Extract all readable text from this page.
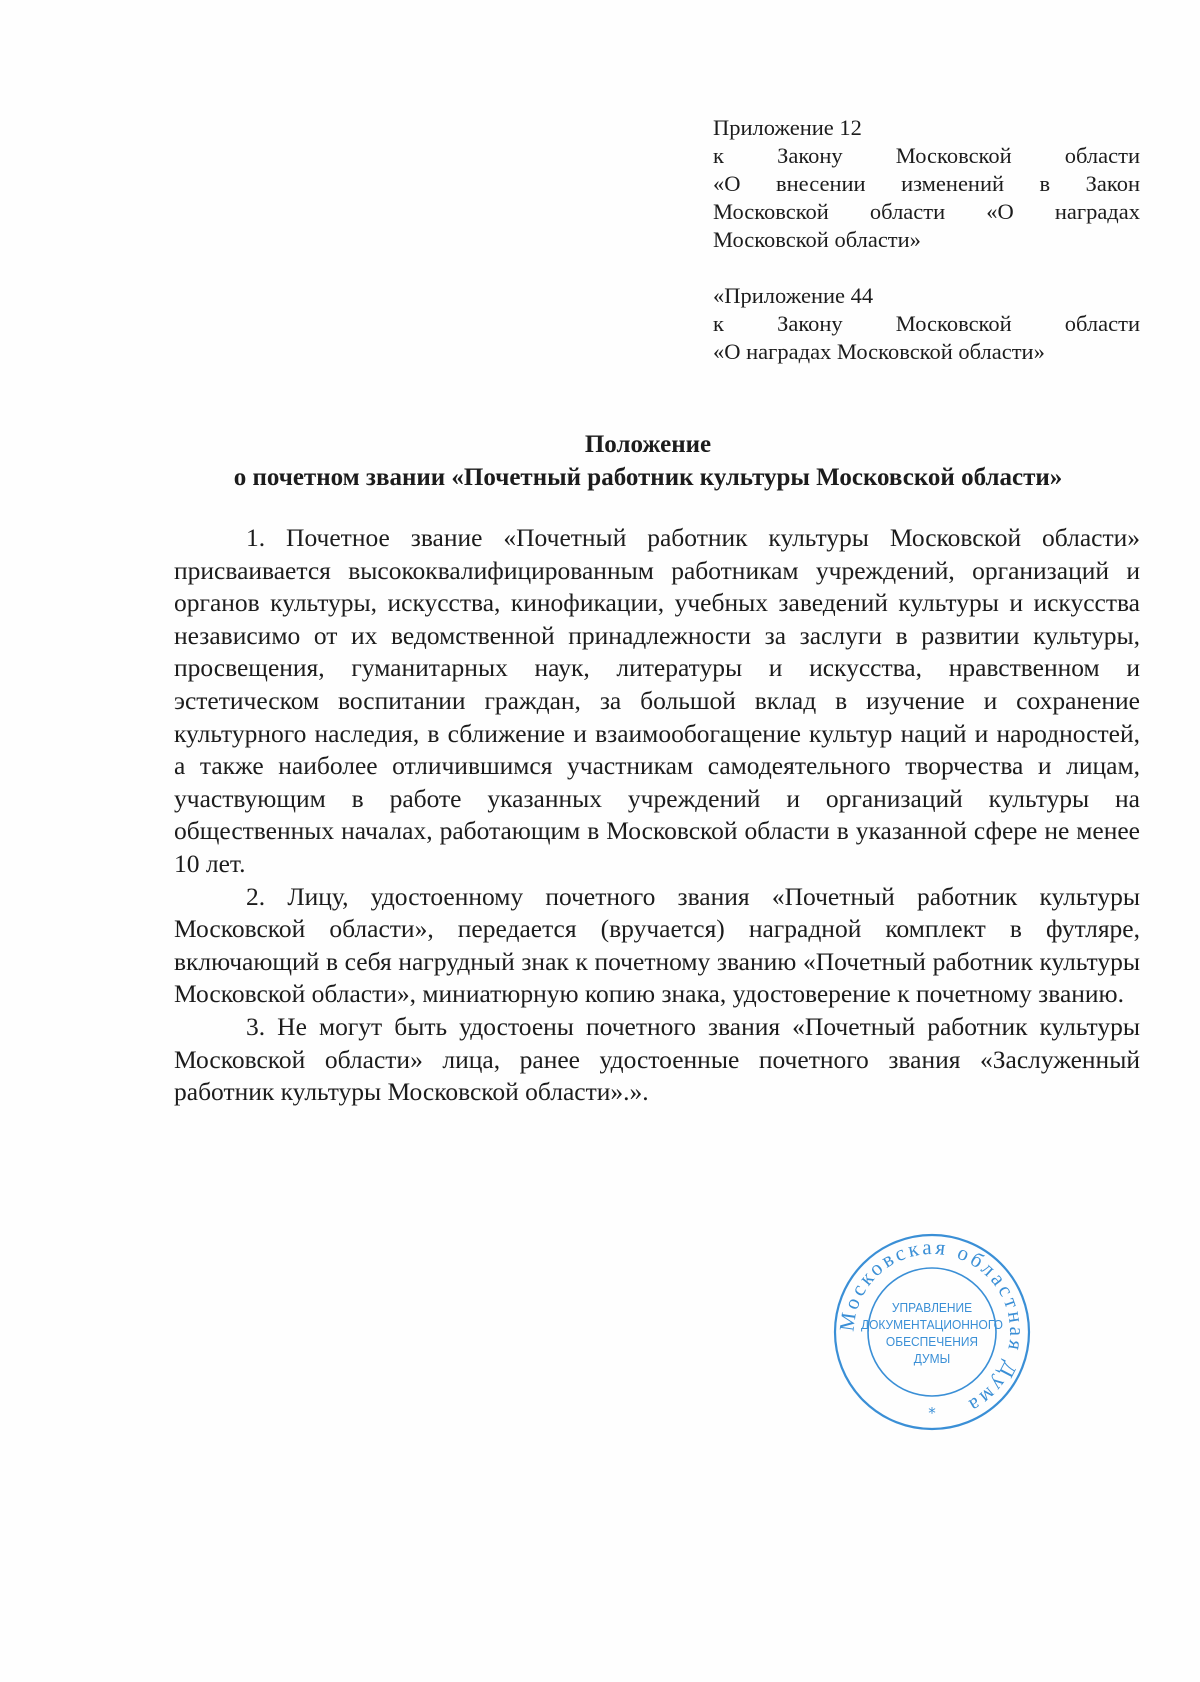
Приложение 12
к Закону Московской области
«О внесении изменений в Закон
Московской области «О наградах
Московской области»
«Приложение 44
к Закону Московской области
«О наградах Московской области»
Положение
о почетном звании «Почетный работник культуры Московской области»

1. Почетное звание «Почетный работник культуры Московской области» присваивается высококвалифицированным работникам учреждений, организаций и органов культуры, искусства, кинофикации, учебных заведений культуры и искусства независимо от их ведомственной принадлежности за заслуги в развитии культуры, просвещения, гуманитарных наук, литературы и искусства, нравственном и эстетическом воспитании граждан, за большой вклад в изучение и сохранение культурного наследия, в сближение и взаимообогащение культур наций и народностей, а также наиболее отличившимся участникам самодеятельного творчества и лицам, участвующим в работе указанных учреждений и организаций культуры на общественных началах, работающим в Московской области в указанной сфере не менее 10 лет.

2. Лицу, удостоенному почетного звания «Почетный работник культуры Московской области», передается (вручается) наградной комплект в футляре, включающий в себя нагрудный знак к почетному званию «Почетный работник культуры Московской области», миниатюрную копию знака, удостоверение к почетному званию.

3. Не могут быть удостоены почетного звания «Почетный работник культуры Московской области» лица, ранее удостоенные почетного звания «Заслуженный работник культуры Московской области».».

Московская областная Дума
УПРАВЛЕНИЕ
ДОКУМЕНТАЦИОННОГО
ОБЕСПЕЧЕНИЯ
ДУМЫ
*
